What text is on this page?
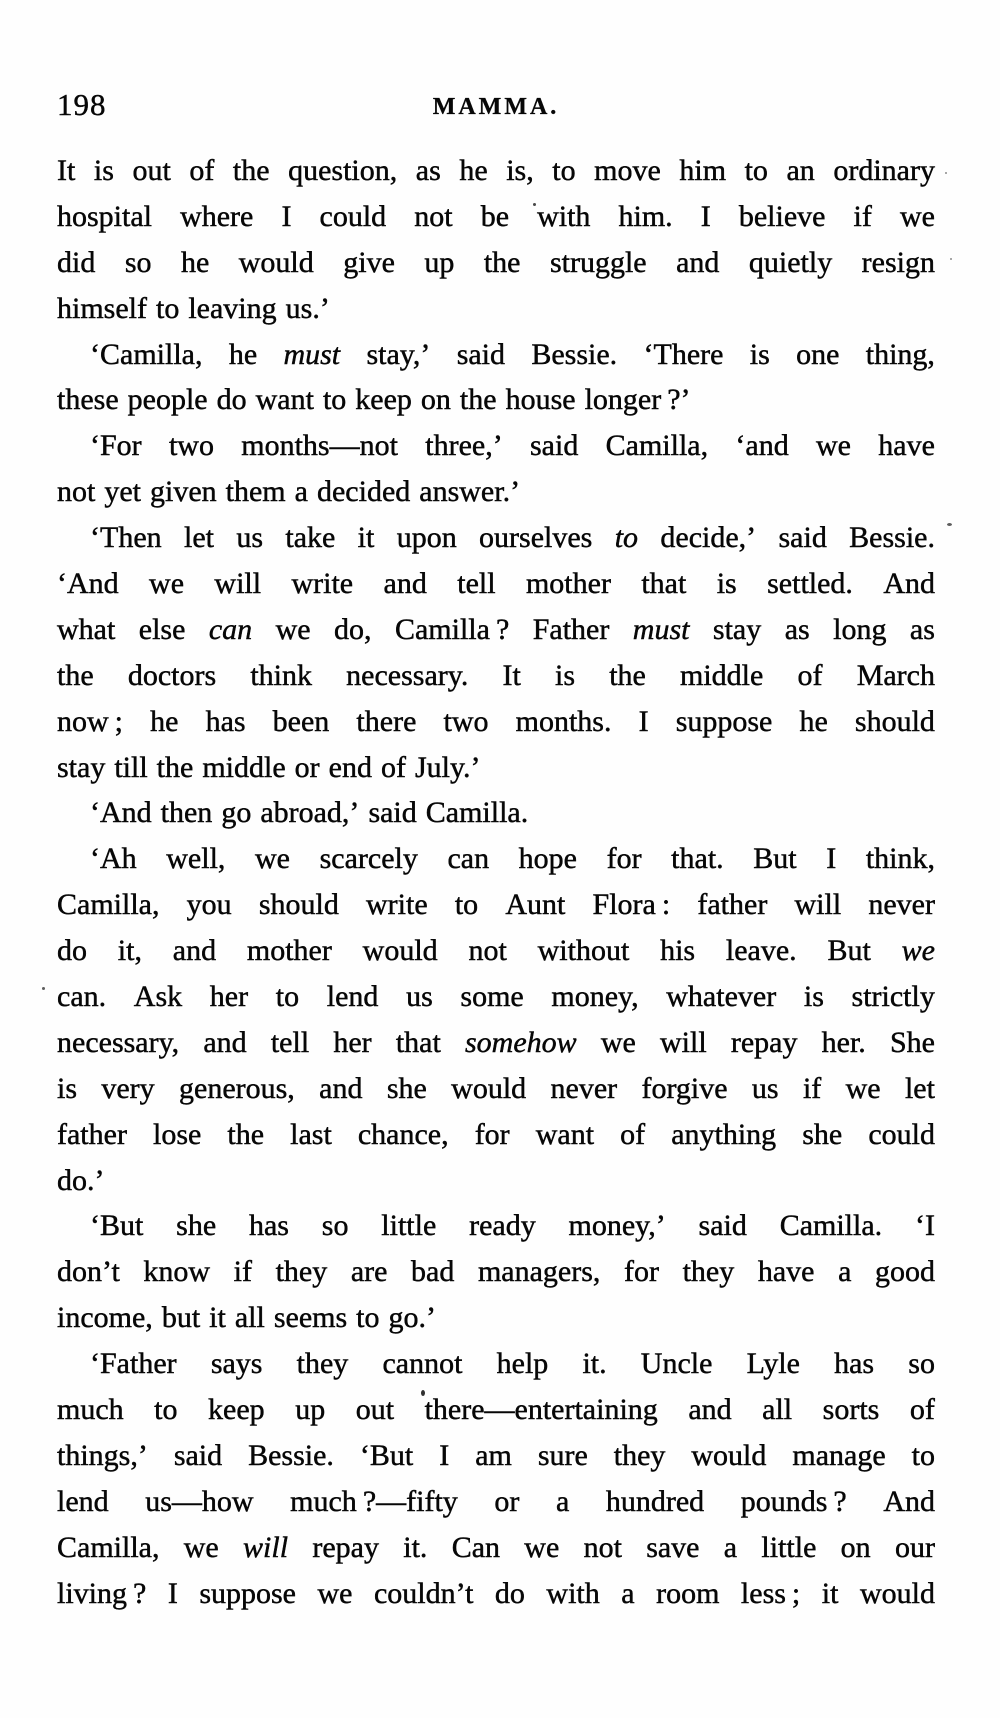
198	MAMMA.
It is out of the question, as he is, to move him to an ordinary
hospital where I could not be with him. I believe if we
did so he would give up the struggle and quietly resign
himself to leaving us.’
‘Camilla, he must stay,’ said Bessie. ‘There is one thing,
these people do want to keep on the house longer ?’
‘For two months—not three,’ said Camilla, ‘and we have
not yet given them a decided answer.’
‘Then let us take it upon ourselves to decide,’ said Bessie.
‘And we will write and tell mother that is settled. And
what else can we do, Camilla ? Father must stay as long as
the doctors think necessary. It is the middle of March
now ; he has been there two months. I suppose he should
stay till the middle or end of July.’
‘And then go abroad,’ said Camilla.
‘Ah well, we scarcely can hope for that. But I think,
Camilla, you should write to Aunt Flora : father will never
do it, and mother would not without his leave. But we
can. Ask her to lend us some money, whatever is strictly
necessary, and tell her that somehow we will repay her. She
is very generous, and she would never forgive us if we let
father lose the last chance, for want of anything she could
do.’
‘But she has so little ready money,’ said Camilla. ‘I
don’t know if they are bad managers, for they have a good
income, but it all seems to go.’
‘Father says they cannot help it. Uncle Lyle has so
much to keep up out there—entertaining and all sorts of
things,’ said Bessie. ‘But I am sure they would manage to
lend us—how much ?—fifty or a hundred pounds ? And
Camilla, we will repay it. Can we not save a little on our
living ? I suppose we couldn’t do with a room less ; it would
